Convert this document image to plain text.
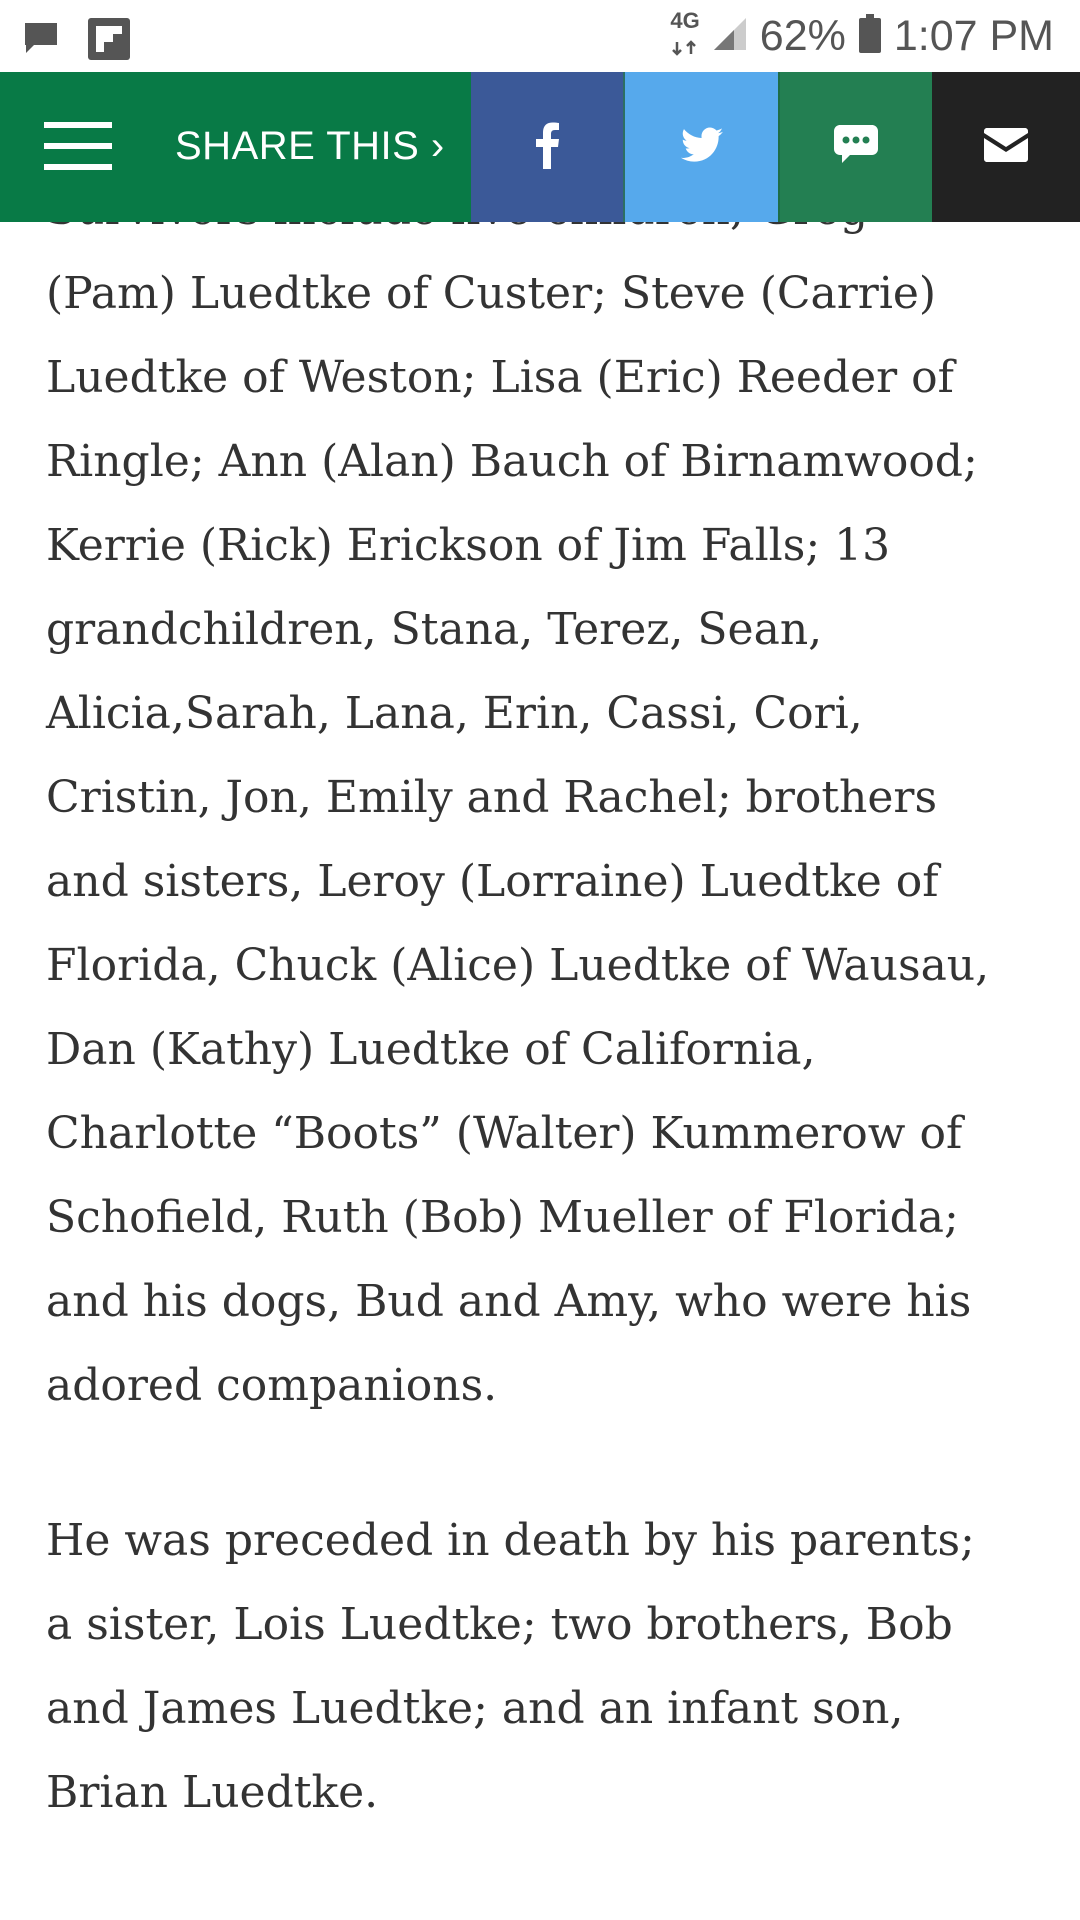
4G 62% 1:07 PM
SHARE THIS ›

(Pam) Luedtke of Custer; Steve (Carrie)
Luedtke of Weston; Lisa (Eric) Reeder of
Ringle; Ann (Alan) Bauch of Birnamwood;
Kerrie (Rick) Erickson of Jim Falls; 13
grandchildren, Stana, Terez, Sean,
Alicia,Sarah, Lana, Erin, Cassi, Cori,
Cristin, Jon, Emily and Rachel; brothers
and sisters, Leroy (Lorraine) Luedtke of
Florida, Chuck (Alice) Luedtke of Wausau,
Dan (Kathy) Luedtke of California,
Charlotte “Boots” (Walter) Kummerow of
Schofield, Ruth (Bob) Mueller of Florida;
and his dogs, Bud and Amy, who were his
adored companions.

He was preceded in death by his parents;
a sister, Lois Luedtke; two brothers, Bob
and James Luedtke; and an infant son,
Brian Luedtke.
